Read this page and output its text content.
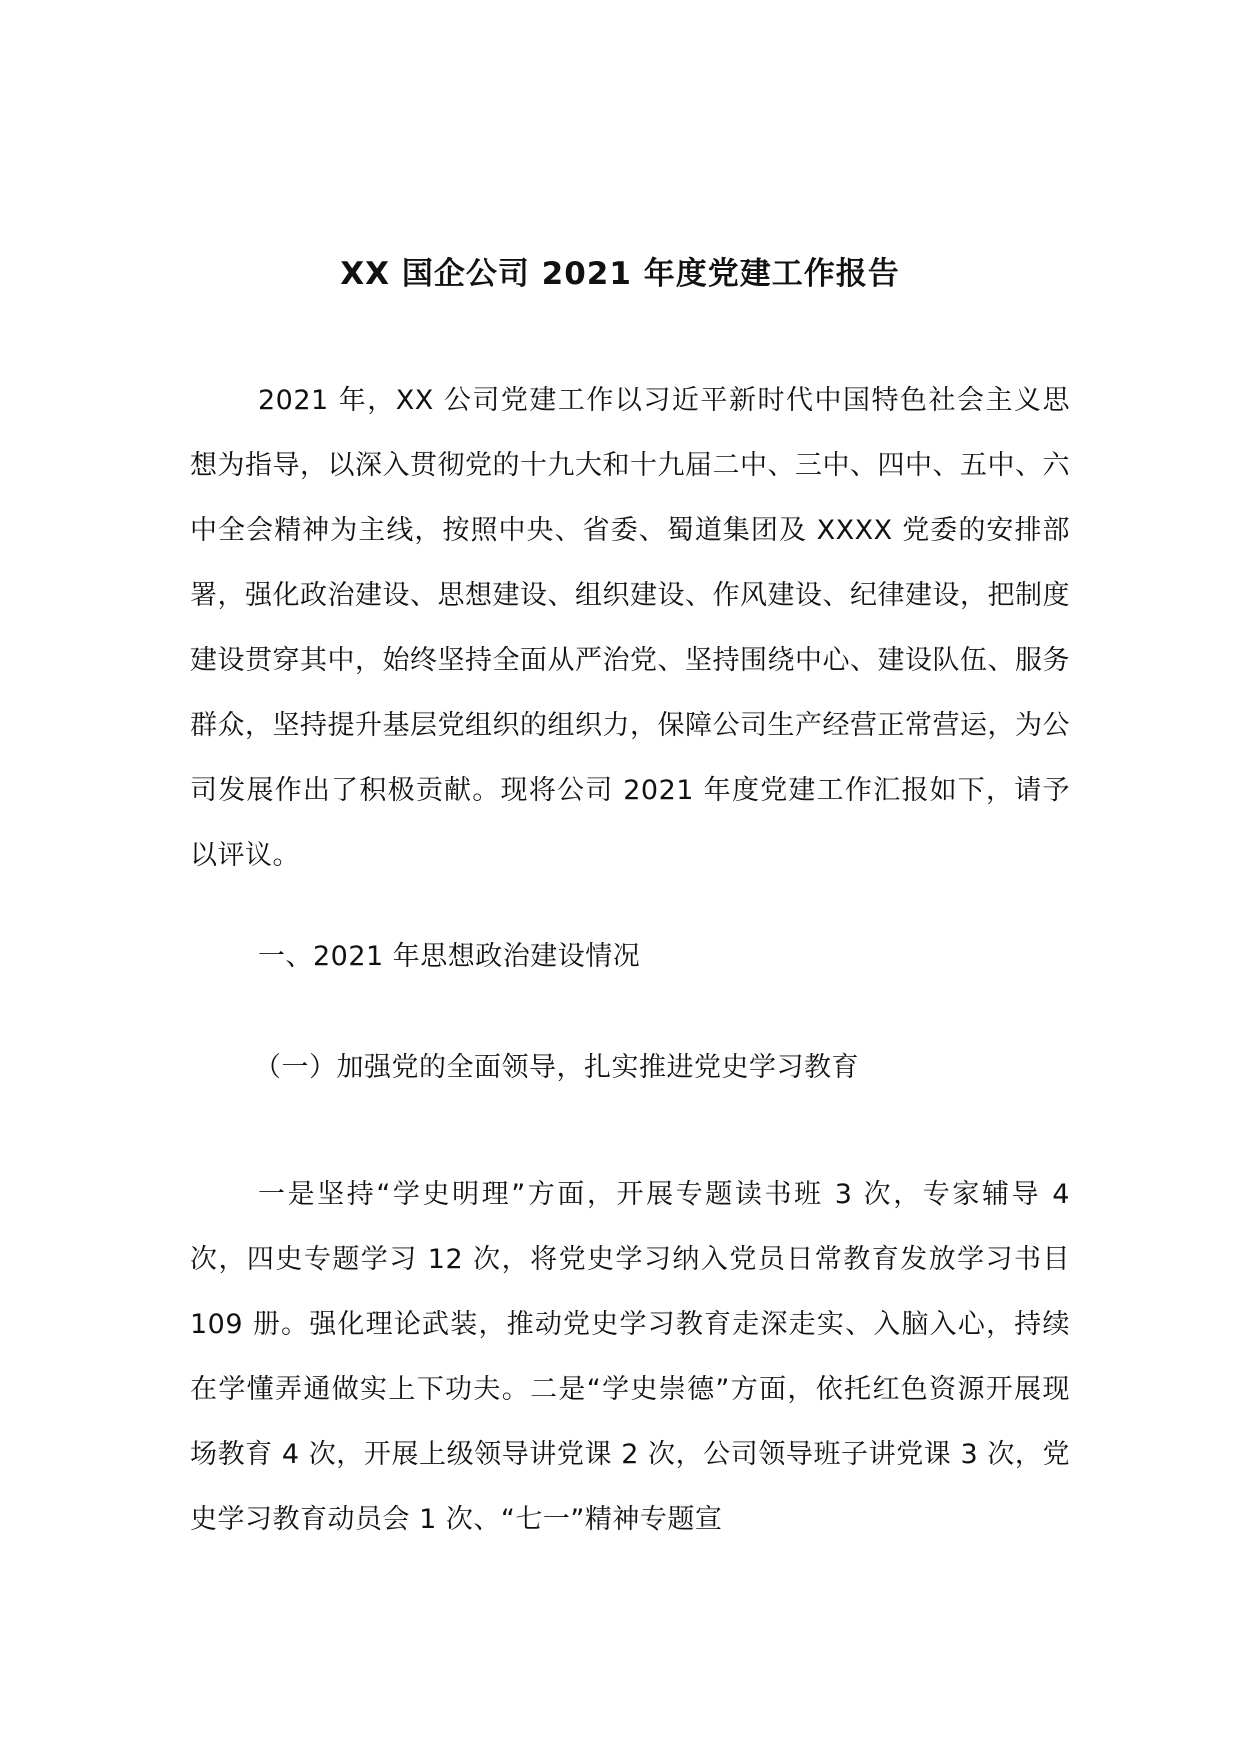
XX 国企公司 2021 年度党建工作报告

2021 年，XX 公司党建工作以习近平新时代中国特色社会主义思想为指导，以深入贯彻党的十九大和十九届二中、三中、四中、五中、六中全会精神为主线，按照中央、省委、蜀道集团及 XXXX 党委的安排部署，强化政治建设、思想建设、组织建设、作风建设、纪律建设，把制度建设贯穿其中，始终坚持全面从严治党、坚持围绕中心、建设队伍、服务群众，坚持提升基层党组织的组织力，保障公司生产经营正常营运，为公司发展作出了积极贡献。现将公司 2021 年度党建工作汇报如下，请予以评议。

一、2021 年思想政治建设情况
（一）加强党的全面领导，扎实推进党史学习教育

一是坚持“学史明理”方面，开展专题读书班 3 次，专家辅导 4 次，四史专题学习 12 次，将党史学习纳入党员日常教育发放学习书目 109 册。强化理论武装，推动党史学习教育走深走实、入脑入心，持续在学懂弄通做实上下功夫。二是“学史崇德”方面，依托红色资源开展现场教育 4 次，开展上级领导讲党课 2 次，公司领导班子讲党课 3 次，党史学习教育动员会 1 次、“七一”精神专题宣
